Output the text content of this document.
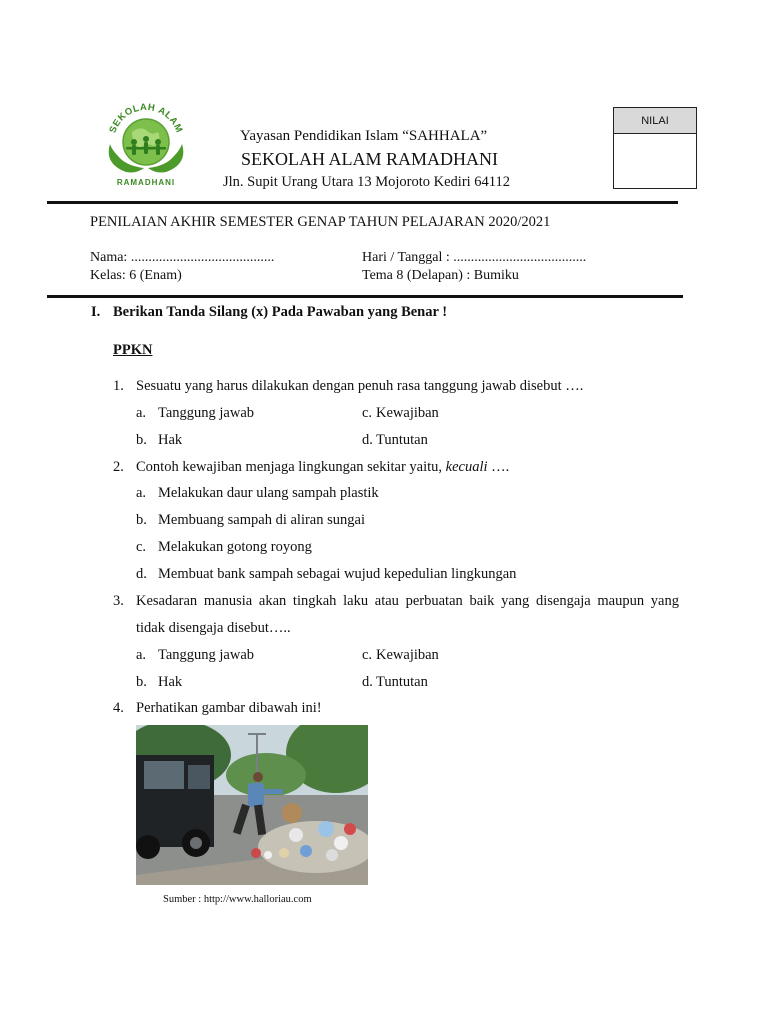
SEKOLAH ALAM
RAMADHANI
Yayasan Pendidikan Islam “SAHHALA”
SEKOLAH ALAM RAMADHANI
Jln. Supit Urang Utara 13 Mojoroto Kediri 64112
NILAI
PENILAIAN AKHIR SEMESTER GENAP TAHUN PELAJARAN 2020/2021
Nama: .........................................	Hari / Tanggal : ......................................
Kelas: 6 (Enam)	Tema 8 (Delapan) : Bumiku
I. Berikan Tanda Silang (x) Pada Pawaban yang Benar !
PPKN
1. Sesuatu yang harus dilakukan dengan penuh rasa tanggung jawab disebut ….
a. Tanggung jawab
b. Hak
c. Kewajiban
d. Tuntutan
2. Contoh kewajiban menjaga lingkungan sekitar yaitu, kecuali ….
a. Melakukan daur ulang sampah plastik
b. Membuang sampah di aliran sungai
c. Melakukan gotong royong
d. Membuat bank sampah sebagai wujud kepedulian lingkungan
3. Kesadaran manusia akan tingkah laku atau perbuatan baik yang disengaja maupun yang
tidak disengaja disebut…..
a. Tanggung jawab
b. Hak
c. Kewajiban
d. Tuntutan
4. Perhatikan gambar dibawah ini!
Sumber : http://www.halloriau.com
